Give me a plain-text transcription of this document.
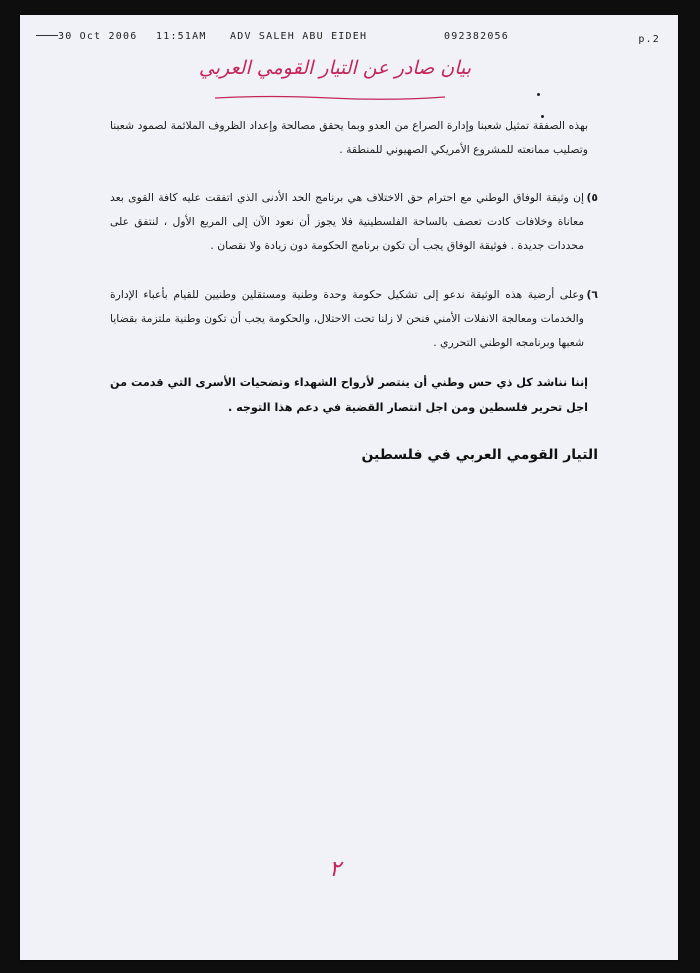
30 Oct 2006 11:51AM ADV SALEH ABU EIDEH	092382056	p.2
بيان صادر عن التيار القومي العربي
بهذه الصفقة تمثيل شعبنا وإدارة الصراع من العدو وبما يحقق مصالحة وإعداد الظروف الملائمة لصمود شعبنا وتصليب ممانعته للمشروع الأمريكي الصهيوني للمنطقة .
٥)
إن وثيقة الوفاق الوطني مع احترام حق الاختلاف هي برنامج الحد الأدنى الذي اتفقت عليه كافة القوى بعد معاناة وخلافات كادت تعصف بالساحة الفلسطينية فلا يجوز أن نعود الآن إلى المربع الأول ، لنتفق على محددات جديدة . فوثيقة الوفاق يجب أن تكون برنامج الحكومة دون زيادة ولا نقصان .
٦)
وعلى أرضية هذه الوثيقة ندعو إلى تشكيل حكومة وحدة وطنية ومستقلين وطنيين للقيام بأعباء الإدارة والخدمات ومعالجة الانفلات الأمني فنحن لا زلنا تحت الاحتلال، والحكومة يجب أن تكون وطنية ملتزمة بقضايا شعبها وبرنامجه الوطني التحرري .
إننا نناشد كل ذي حس وطني أن ينتصر لأرواح الشهداء وتضحيات الأسرى التي قدمت من اجل تحرير فلسطين ومن اجل انتصار القضية في دعم هذا التوجه .
التيار القومي العربي في فلسطين
٢
